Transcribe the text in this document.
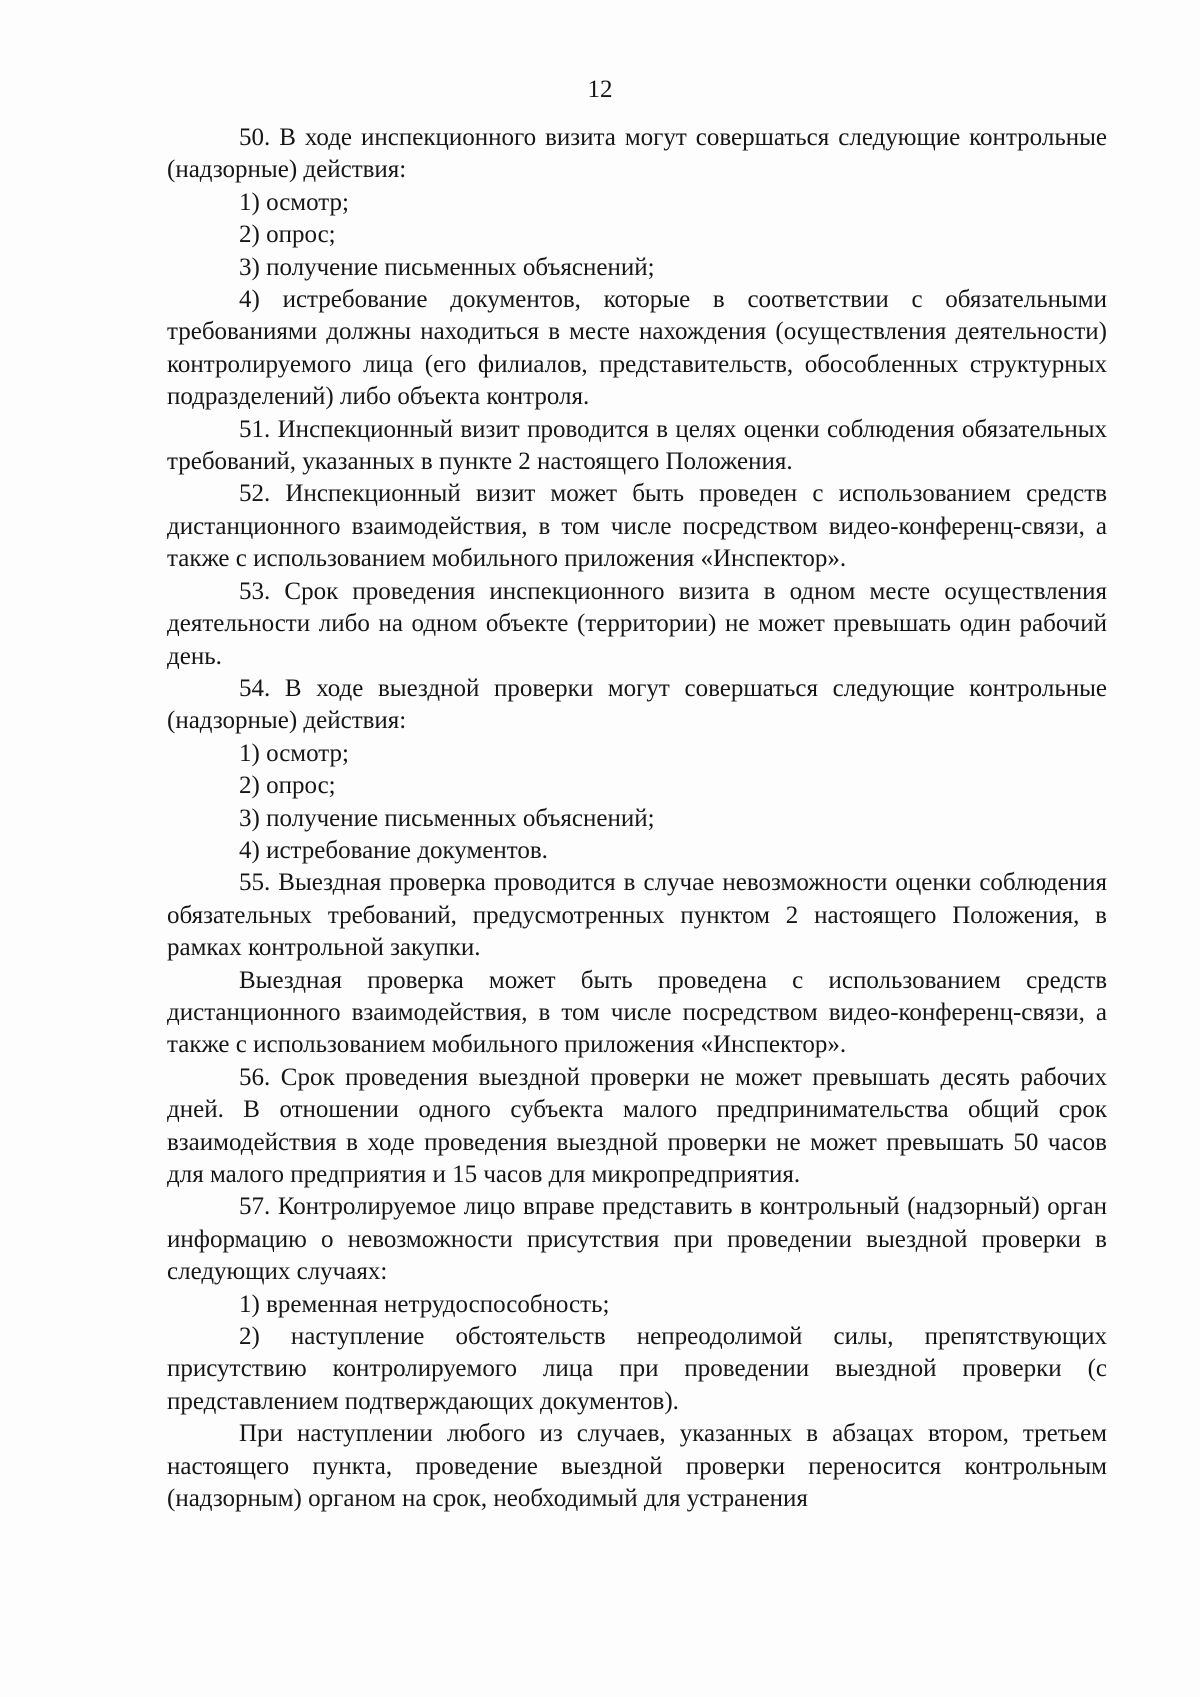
12

50. В ходе инспекционного визита могут совершаться следующие контрольные (надзорные) действия:

1) осмотр;

2) опрос;

3) получение письменных объяснений;

4) истребование документов, которые в соответствии с обязательными требованиями должны находиться в месте нахождения (осуществления деятельности) контролируемого лица (его филиалов, представительств, обособленных структурных подразделений) либо объекта контроля.

51. Инспекционный визит проводится в целях оценки соблюдения обязательных требований, указанных в пункте 2 настоящего Положения.

52. Инспекционный визит может быть проведен с использованием средств дистанционного взаимодействия, в том числе посредством видео-конференц-связи, а также с использованием мобильного приложения «Инспектор».

53. Срок проведения инспекционного визита в одном месте осуществления деятельности либо на одном объекте (территории) не может превышать один рабочий день.

54. В ходе выездной проверки могут совершаться следующие контрольные (надзорные) действия:

1) осмотр;

2) опрос;

3) получение письменных объяснений;

4) истребование документов.

55. Выездная проверка проводится в случае невозможности оценки соблюдения обязательных требований, предусмотренных пунктом 2 настоящего Положения, в рамках контрольной закупки.

Выездная проверка может быть проведена с использованием средств дистанционного взаимодействия, в том числе посредством видео-конференц-связи, а также с использованием мобильного приложения «Инспектор».

56. Срок проведения выездной проверки не может превышать десять рабочих дней. В отношении одного субъекта малого предпринимательства общий срок взаимодействия в ходе проведения выездной проверки не может превышать 50 часов для малого предприятия и 15 часов для микропредприятия.

57. Контролируемое лицо вправе представить в контрольный (надзорный) орган информацию о невозможности присутствия при проведении выездной проверки в следующих случаях:

1) временная нетрудоспособность;

2) наступление обстоятельств непреодолимой силы, препятствующих присутствию контролируемого лица при проведении выездной проверки (с представлением подтверждающих документов).

При наступлении любого из случаев, указанных в абзацах втором, третьем настоящего пункта, проведение выездной проверки переносится контрольным (надзорным) органом на срок, необходимый для устранения
